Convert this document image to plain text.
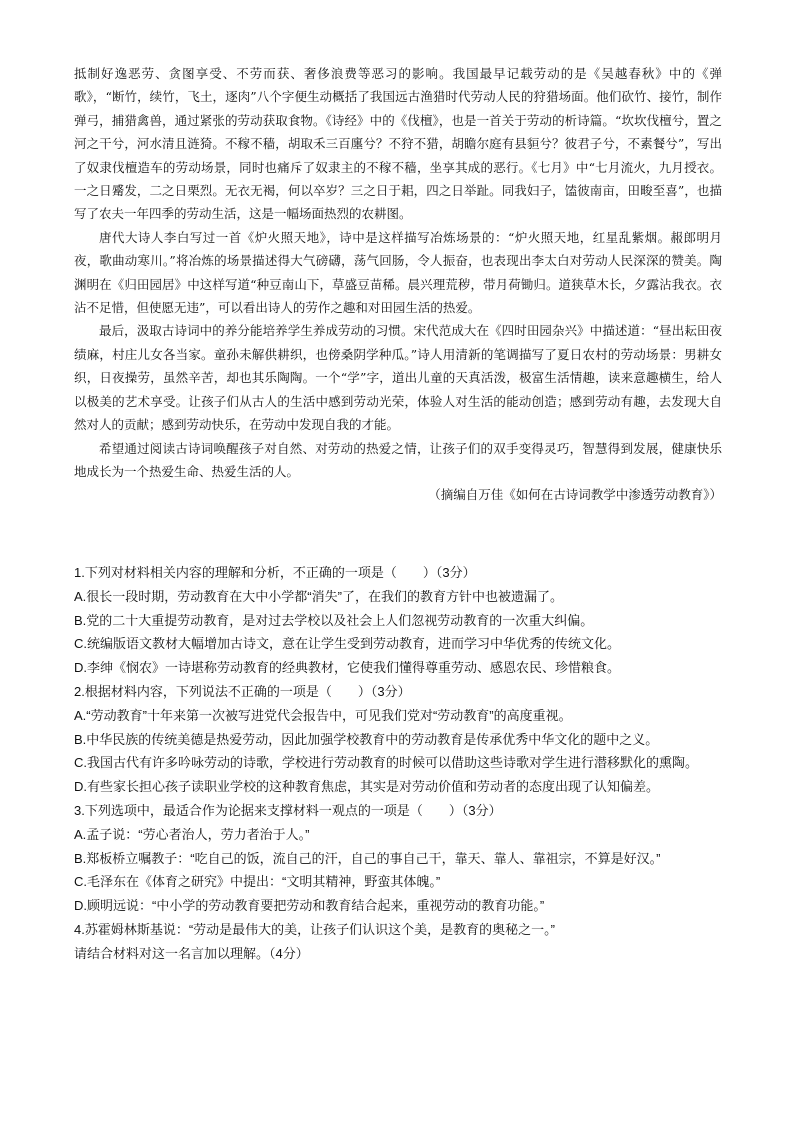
抵制好逸恶劳、贪图享受、不劳而获、奢侈浪费等恶习的影响。我国最早记载劳动的是《吴越春秋》中的《弹歌》，“断竹，续竹，飞土，逐肉”八个字便生动概括了我国远古渔猎时代劳动人民的狩猎场面。他们砍竹、接竹，制作弹弓，捕猎禽兽，通过紧张的劳动获取食物。《诗经》中的《伐檀》，也是一首关于劳动的析诗篇。“坎坎伐檀兮，置之河之干兮，河水清且涟猗。不稼不穑，胡取禾三百廛兮？不狩不猎，胡瞻尔庭有县貆兮？彼君子兮，不素餐兮”，写出了奴隶伐檀造车的劳动场景，同时也痛斥了奴隶主的不稼不穑，坐享其成的恶行。《七月》中“七月流火，九月授衣。一之日觱发，二之日栗烈。无衣无褐，何以卒岁？三之日于耜，四之日举趾。同我妇子，馌彼南亩，田畯至喜”，也描写了农夫一年四季的劳动生活，这是一幅场面热烈的农耕图。

唐代大诗人李白写过一首《炉火照天地》，诗中是这样描写冶炼场景的：“炉火照天地，红星乱紫烟。赧郎明月夜，歌曲动寒川。”将冶炼的场景描述得大气磅礴，荡气回肠，令人振奋，也表现出李太白对劳动人民深深的赞美。陶渊明在《归田园居》中这样写道“种豆南山下，草盛豆苗稀。晨兴理荒秽，带月荷锄归。道狭草木长，夕露沾我衣。衣沾不足惜，但使愿无违”，可以看出诗人的劳作之趣和对田园生活的热爱。

最后，汲取古诗词中的养分能培养学生养成劳动的习惯。宋代范成大在《四时田园杂兴》中描述道：“昼出耘田夜绩麻，村庄儿女各当家。童孙未解供耕织，也傍桑阴学种瓜。”诗人用清新的笔调描写了夏日农村的劳动场景：男耕女织，日夜操劳，虽然辛苦，却也其乐陶陶。一个“学”字，道出儿童的天真活泼，极富生活情趣，读来意趣横生，给人以极美的艺术享受。让孩子们从古人的生活中感到劳动光荣，体验人对生活的能动创造；感到劳动有趣，去发现大自然对人的贡献；感到劳动快乐，在劳动中发现自我的才能。

希望通过阅读古诗词唤醒孩子对自然、对劳动的热爱之情，让孩子们的双手变得灵巧，智慧得到发展，健康快乐地成长为一个热爱生命、热爱生活的人。

（摘编自万佳《如何在古诗词教学中渗透劳动教育》）

1.下列对材料相关内容的理解和分析，不正确的一项是（　　）（3分）
A.很长一段时期，劳动教育在大中小学都“消失”了，在我们的教育方针中也被遗漏了。
B.党的二十大重提劳动教育，是对过去学校以及社会上人们忽视劳动教育的一次重大纠偏。
C.统编版语文教材大幅增加古诗文，意在让学生受到劳动教育，进而学习中华优秀的传统文化。
D.李绅《悯农》一诗堪称劳动教育的经典教材，它使我们懂得尊重劳动、感恩农民、珍惜粮食。
2.根据材料内容，下列说法不正确的一项是（　　）（3分）
A.“劳动教育”十年来第一次被写进党代会报告中，可见我们党对“劳动教育”的高度重视。
B.中华民族的传统美德是热爱劳动，因此加强学校教育中的劳动教育是传承优秀中华文化的题中之义。
C.我国古代有许多吟咏劳动的诗歌，学校进行劳动教育的时候可以借助这些诗歌对学生进行潜移默化的熏陶。
D.有些家长担心孩子读职业学校的这种教育焦虑，其实是对劳动价值和劳动者的态度出现了认知偏差。
3.下列选项中，最适合作为论据来支撑材料一观点的一项是（　　）（3分）
A.孟子说：“劳心者治人，劳力者治于人。”
B.郑板桥立嘱教子：“吃自己的饭，流自己的汗，自己的事自己干，靠天、靠人、靠祖宗，不算是好汉。”
C.毛泽东在《体育之研究》中提出：“文明其精神，野蛮其体魄。”
D.顾明远说：“中小学的劳动教育要把劳动和教育结合起来，重视劳动的教育功能。”
4.苏霍姆林斯基说：“劳动是最伟大的美，让孩子们认识这个美，是教育的奥秘之一。”
请结合材料对这一名言加以理解。（4分）
